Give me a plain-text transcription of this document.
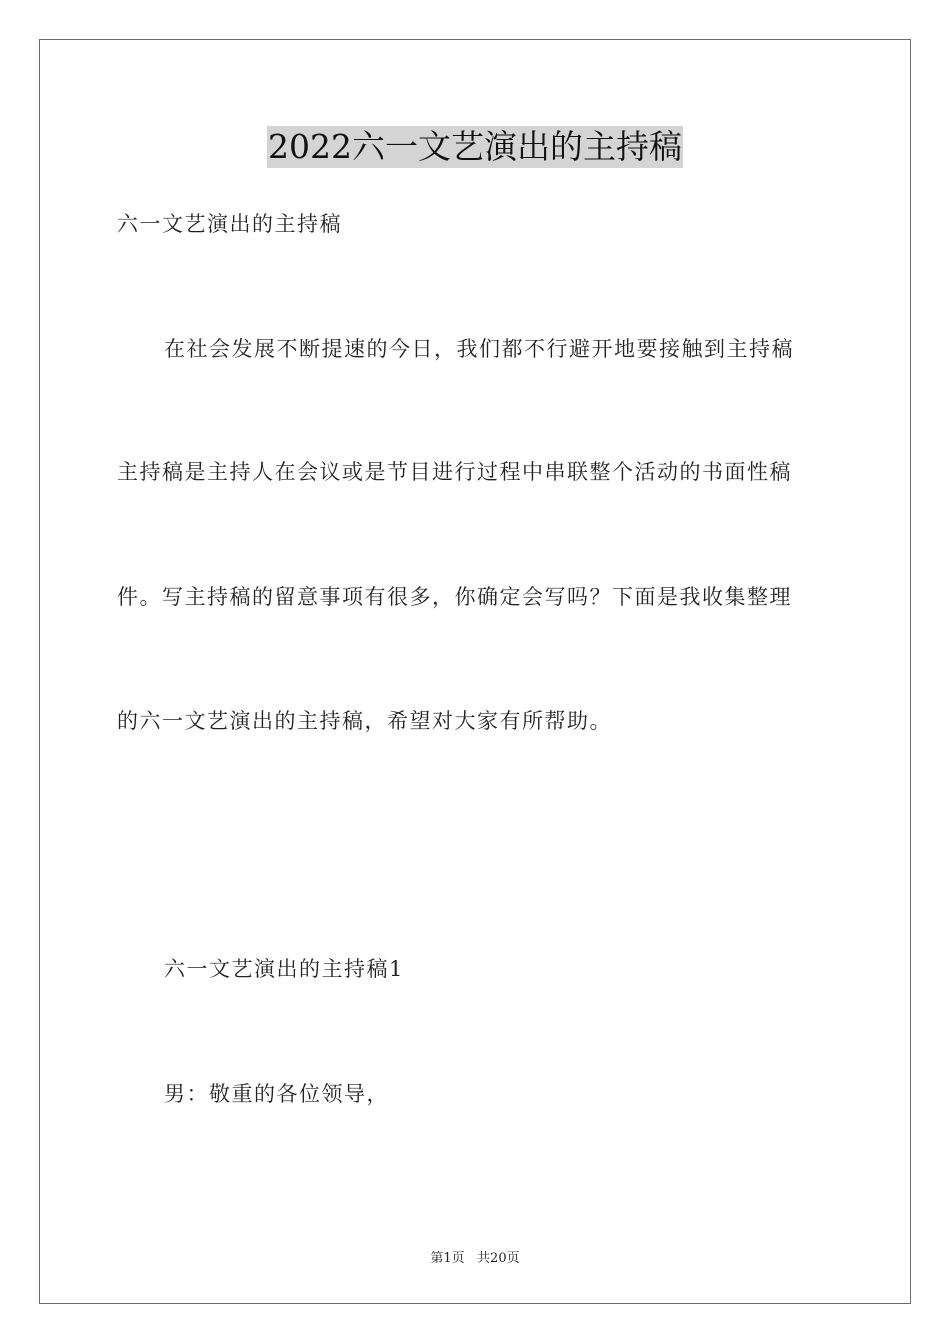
2022六一文艺演出的主持稿
六一文艺演出的主持稿
在社会发展不断提速的今日，我们都不行避开地要接触到主持稿
主持稿是主持人在会议或是节目进行过程中串联整个活动的书面性稿
件。写主持稿的留意事项有很多，你确定会写吗？下面是我收集整理
的六一文艺演出的主持稿，希望对大家有所帮助。
六一文艺演出的主持稿1
男：敬重的各位领导，
第1页   共20页
